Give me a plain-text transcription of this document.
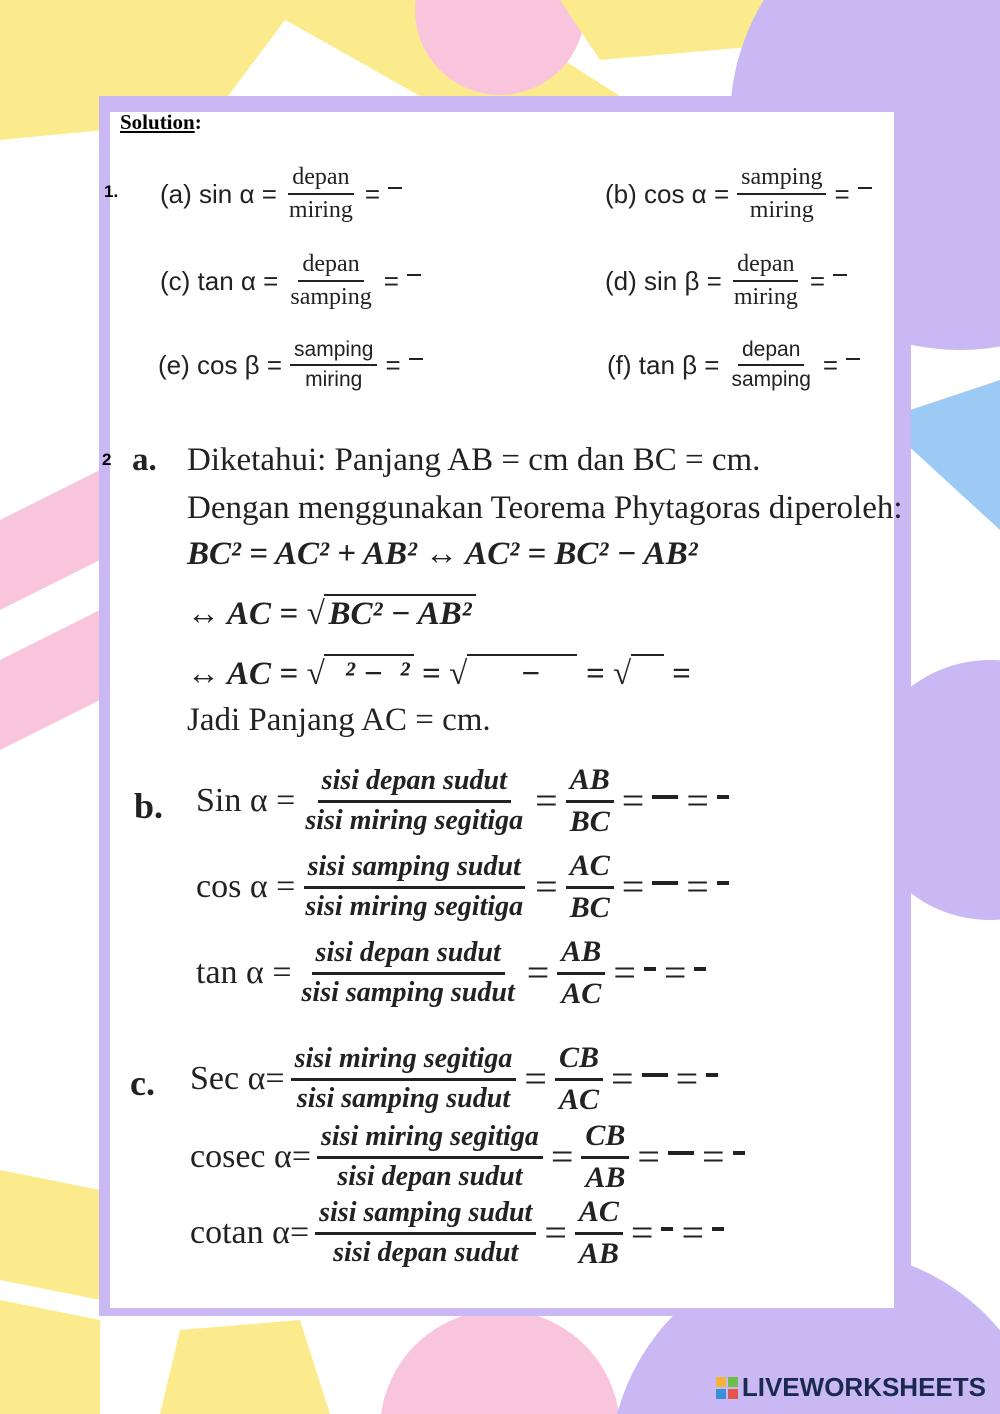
Solution:
1. (a) $\sin \alpha = \frac{\text{depan}}{\text{miring}}$ =	(b) $\cos \alpha = \frac{\text{samping}}{\text{miring}}$ =
(c) $\tan \alpha = \frac{\text{depan}}{\text{samping}}$ =	(d) $\sin \beta = \frac{\text{depan}}{\text{miring}}$ =
(e) $\cos \beta = \frac{\text{samping}}{\text{miring}}$ =	(f) $\tan \beta = \frac{\text{depan}}{\text{samping}}$ =
2 a. Diketahui: Panjang AB = cm dan BC = cm.
Dengan menggunakan Teorema Phytagoras diperoleh:
BC² = AC² + AB² ↔ AC² = BC² − AB²
↔ AC = √ BC² − AB²
↔ AC = √  ² −  ² = √      −     = √ =
Jadi Panjang AC = cm.
b. Sin $\alpha = \frac{\text{sisi depan sudut}}{\text{sisi miring segitiga}} = \frac{AB}{BC}$ = =
$\cos \alpha = \frac{\text{sisi samping sudut}}{\text{sisi miring segitiga}} = \frac{AC}{BC}$ = =
$\tan \alpha = \frac{\text{sisi depan sudut}}{\text{sisi samping sudut}} = \frac{AB}{AC}$ = =
c. Sec $\alpha= \frac{\text{sisi miring segitiga}}{\text{sisi samping sudut}} = \frac{CB}{AC}$ = =
cosec $\alpha= \frac{\text{sisi miring segitiga}}{\text{sisi depan sudut}} = \frac{CB}{AB}$ = =
cotan $\alpha= \frac{\text{sisi samping sudut}}{\text{sisi depan sudut}} = \frac{AC}{AB}$ = =
LIVEWORKSHEETS
